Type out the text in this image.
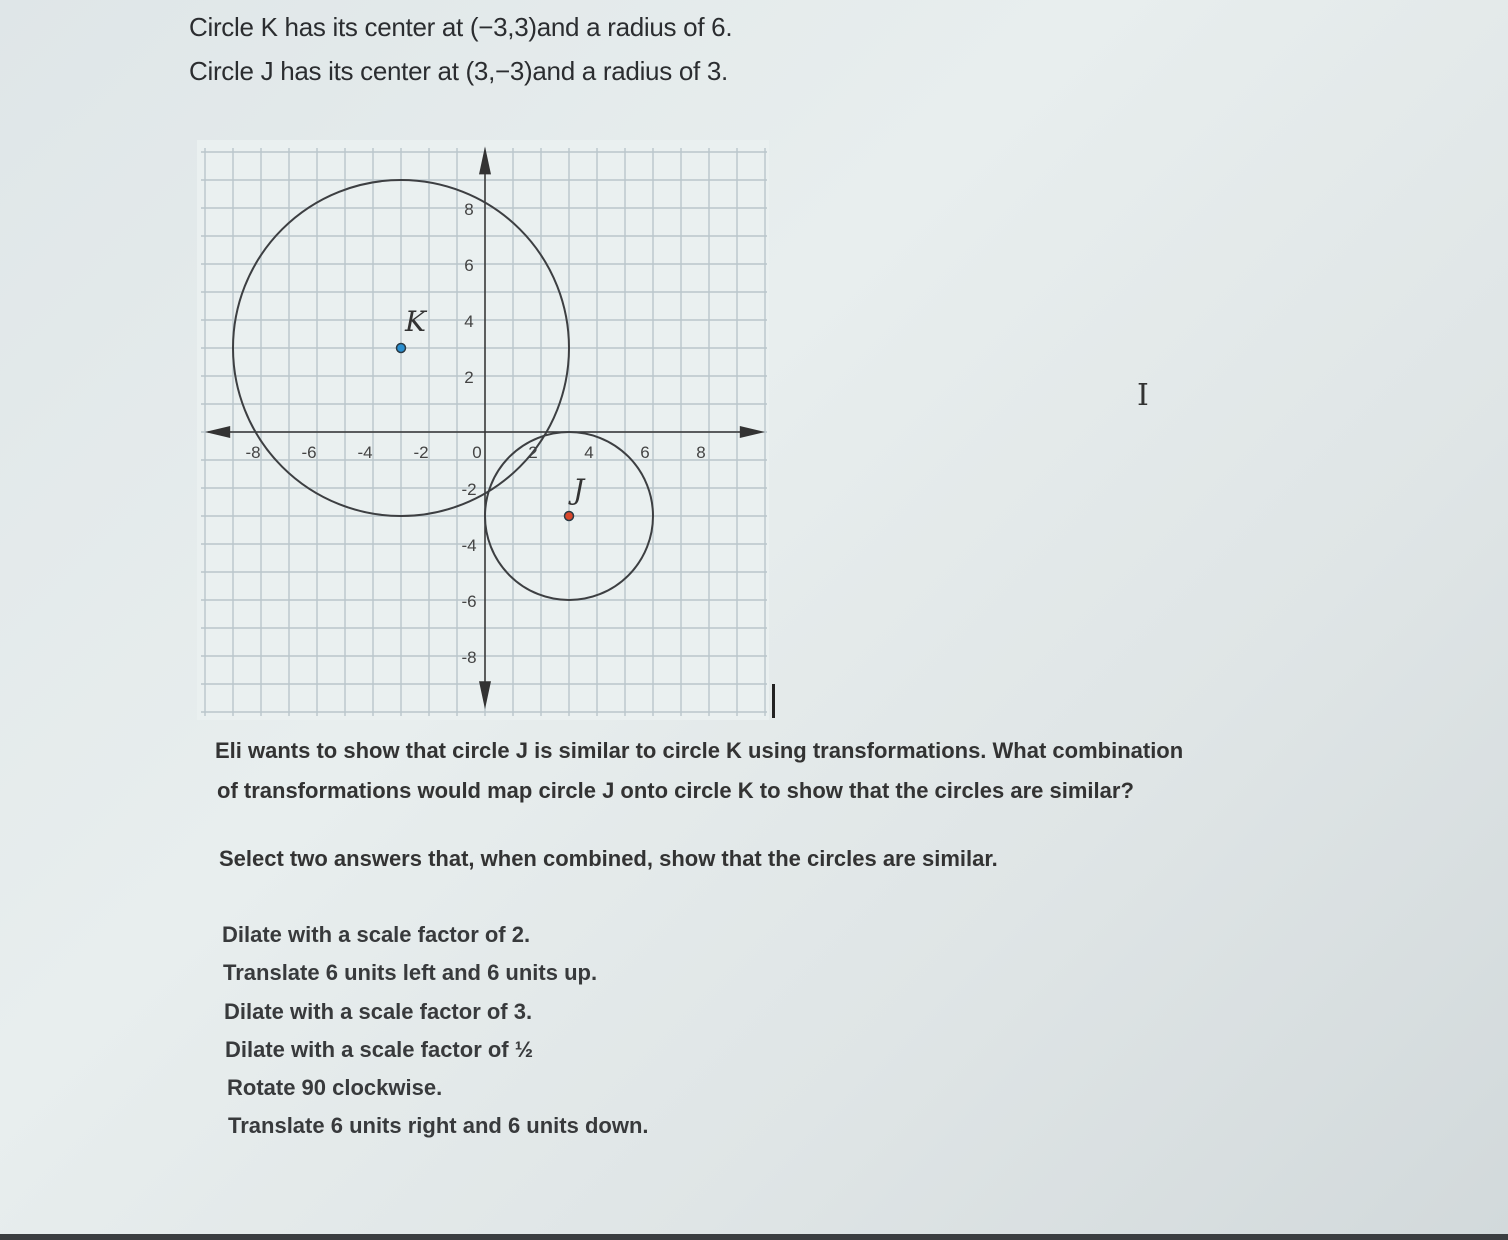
Circle K has its center at (−3,3)and a radius of 6.
Circle J has its center at (3,−3)and a radius of 3.
-8 -6 -4 -2	0	2	4	6	8
8
6
4
2
-2
-4
-6
-8
K
J
Eli wants to show that circle J is similar to circle K using transformations. What combination
of transformations would map circle J onto circle K to show that the circles are similar?
Select two answers that, when combined, show that the circles are similar.
Dilate with a scale factor of 2.
Translate 6 units left and 6 units up.
Dilate with a scale factor of 3.
Dilate with a scale factor of ½
Rotate 90 clockwise.
Translate 6 units right and 6 units down.
I
